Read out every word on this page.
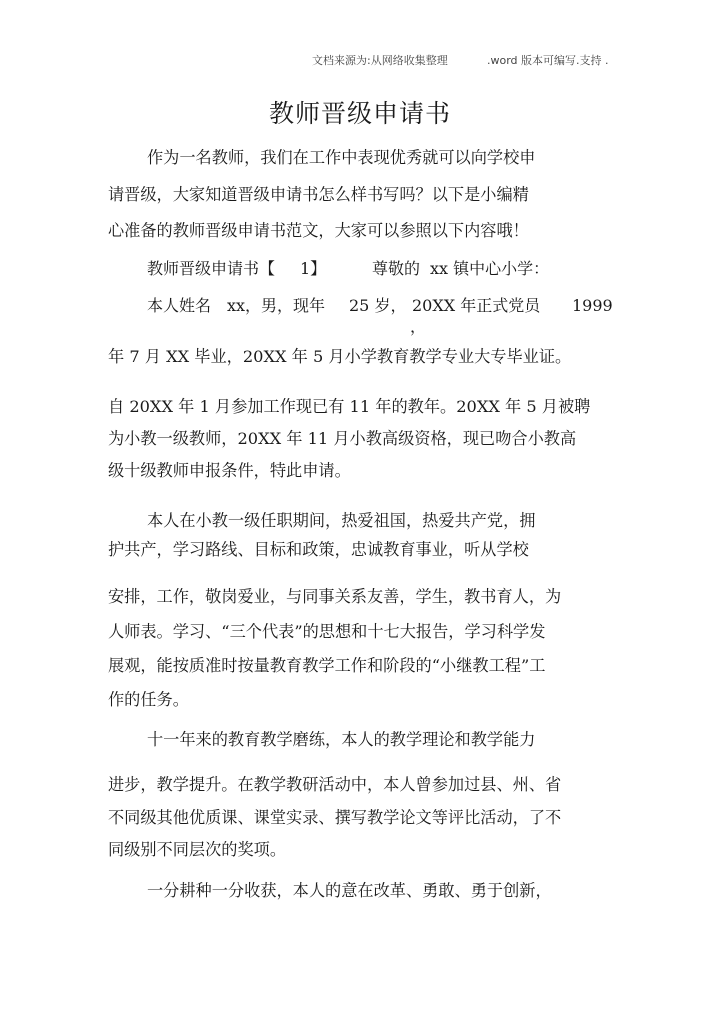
文档来源为:从网络收集整理	.word 版本可编写.支持 .
教师晋级申请书
作为一名教师，我们在工作中表现优秀就可以向学校申
请晋级，大家知道晋级申请书怎么样书写吗？以下是小编精
心准备的教师晋级申请书范文，大家可以参照以下内容哦！
教师晋级申请书【 1】	尊敬的 xx 镇中心小学：
本人姓名 xx，男，现年 25 岁， 20XX 年正式党员 1999
，
年 7 月 XX 毕业，20XX 年 5 月小学教育教学专业大专毕业证。
自 20XX 年 1 月参加工作现已有 11 年的教年。20XX 年 5 月被聘
为小教一级教师，20XX 年 11 月小教高级资格，现已吻合小教高
级十级教师申报条件，特此申请。
本人在小教一级任职期间，热爱祖国，热爱共产党，拥
护共产，学习路线、目标和政策，忠诚教育事业，听从学校
安排，工作，敬岗爱业，与同事关系友善，学生，教书育人，为
人师表。学习、“三个代表”的思想和十七大报告，学习科学发
展观，能按质准时按量教育教学工作和阶段的“小继教工程”工
作的任务。
十一年来的教育教学磨练，本人的教学理论和教学能力
进步，教学提升。在教学教研活动中，本人曾参加过县、州、省
不同级其他优质课、课堂实录、撰写教学论文等评比活动，了不
同级别不同层次的奖项。
一分耕种一分收获，本人的意在改革、勇敢、勇于创新，
